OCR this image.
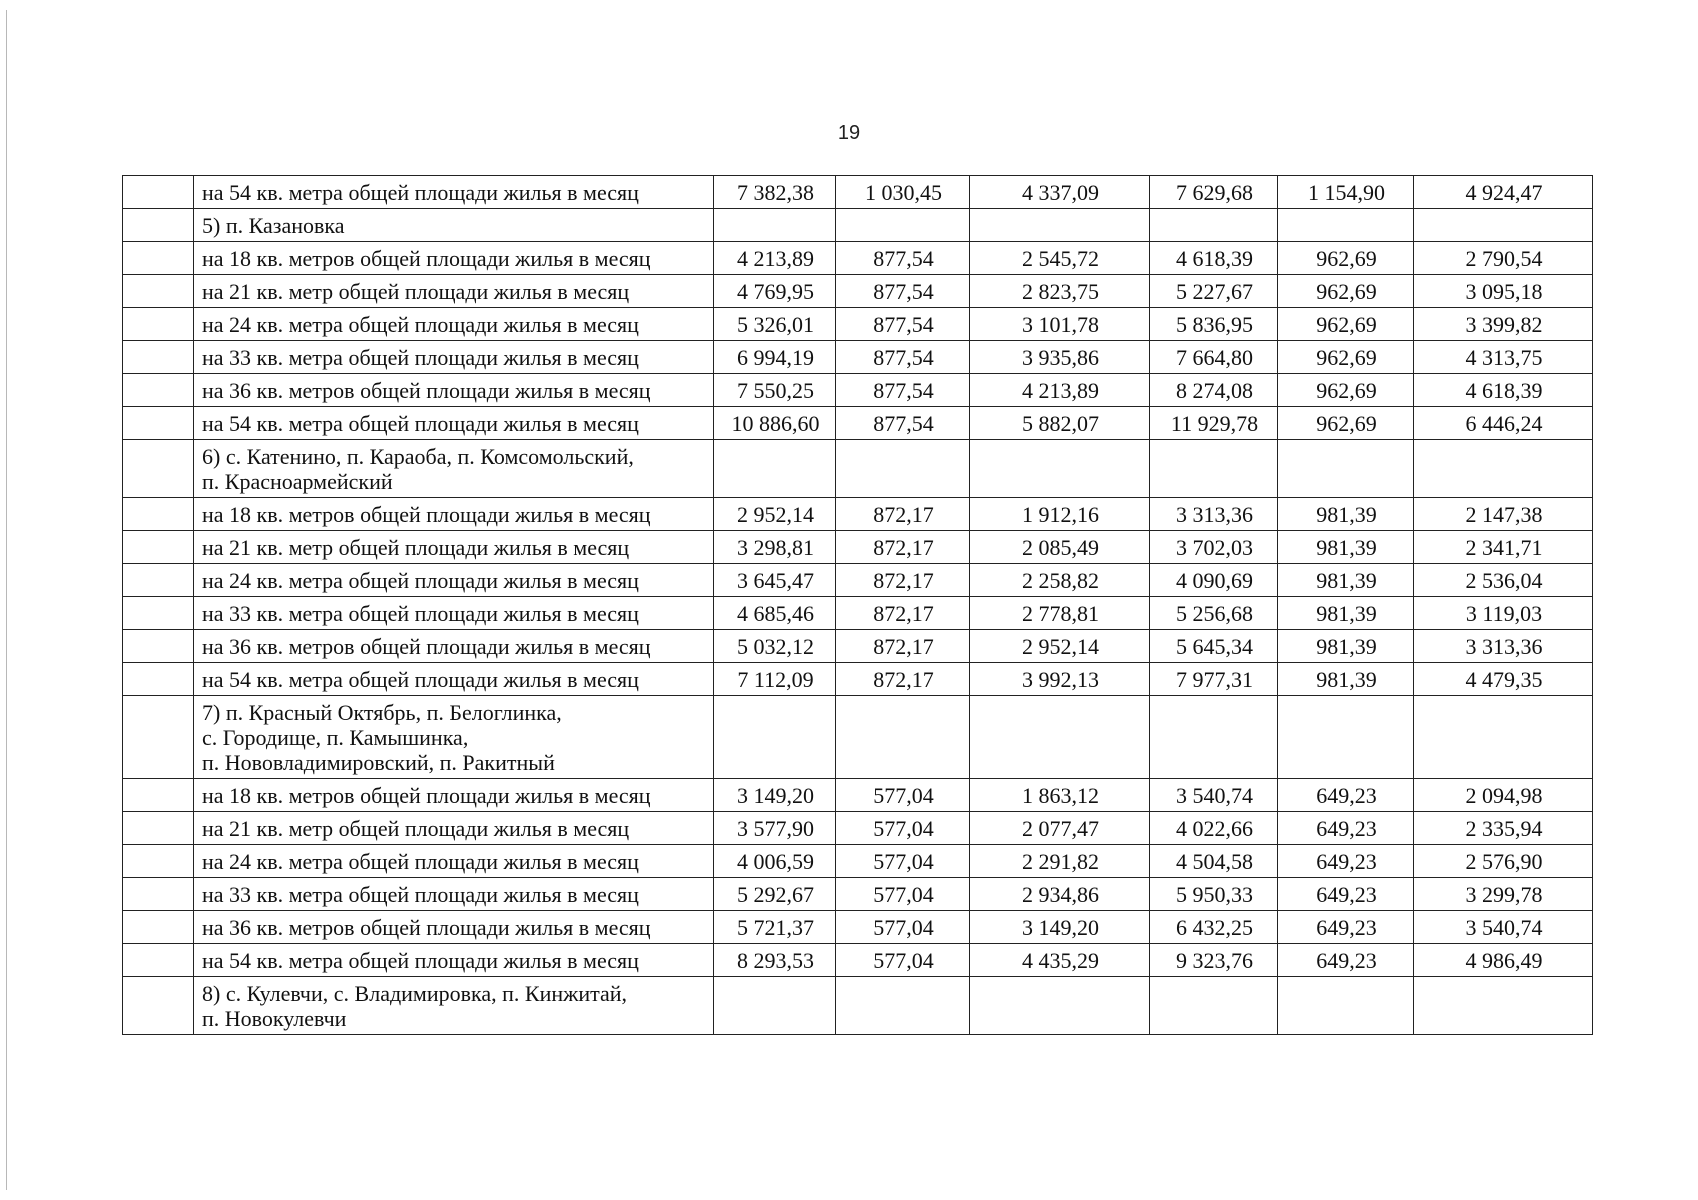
19
	на 54 кв. метра общей площади жилья в месяц	7 382,38	1 030,45	4 337,09	7 629,68	1 154,90	4 924,47
	5) п. Казановка						
	на 18 кв. метров общей площади жилья в месяц	4 213,89	877,54	2 545,72	4 618,39	962,69	2 790,54
	на 21 кв. метр общей площади жилья в месяц	4 769,95	877,54	2 823,75	5 227,67	962,69	3 095,18
	на 24 кв. метра общей площади жилья в месяц	5 326,01	877,54	3 101,78	5 836,95	962,69	3 399,82
	на 33 кв. метра общей площади жилья в месяц	6 994,19	877,54	3 935,86	7 664,80	962,69	4 313,75
	на 36 кв. метров общей площади жилья в месяц	7 550,25	877,54	4 213,89	8 274,08	962,69	4 618,39
	на 54 кв. метра общей площади жилья в месяц	10 886,60	877,54	5 882,07	11 929,78	962,69	6 446,24
	6) с. Катенино, п. Караоба, п. Комсомольский,
п. Красноармейский						
	на 18 кв. метров общей площади жилья в месяц	2 952,14	872,17	1 912,16	3 313,36	981,39	2 147,38
	на 21 кв. метр общей площади жилья в месяц	3 298,81	872,17	2 085,49	3 702,03	981,39	2 341,71
	на 24 кв. метра общей площади жилья в месяц	3 645,47	872,17	2 258,82	4 090,69	981,39	2 536,04
	на 33 кв. метра общей площади жилья в месяц	4 685,46	872,17	2 778,81	5 256,68	981,39	3 119,03
	на 36 кв. метров общей площади жилья в месяц	5 032,12	872,17	2 952,14	5 645,34	981,39	3 313,36
	на 54 кв. метра общей площади жилья в месяц	7 112,09	872,17	3 992,13	7 977,31	981,39	4 479,35
	7) п. Красный Октябрь, п. Белоглинка,
с. Городище, п. Камышинка,
п. Нововладимировский, п. Ракитный						
	на 18 кв. метров общей площади жилья в месяц	3 149,20	577,04	1 863,12	3 540,74	649,23	2 094,98
	на 21 кв. метр общей площади жилья в месяц	3 577,90	577,04	2 077,47	4 022,66	649,23	2 335,94
	на 24 кв. метра общей площади жилья в месяц	4 006,59	577,04	2 291,82	4 504,58	649,23	2 576,90
	на 33 кв. метра общей площади жилья в месяц	5 292,67	577,04	2 934,86	5 950,33	649,23	3 299,78
	на 36 кв. метров общей площади жилья в месяц	5 721,37	577,04	3 149,20	6 432,25	649,23	3 540,74
	на 54 кв. метра общей площади жилья в месяц	8 293,53	577,04	4 435,29	9 323,76	649,23	4 986,49
	8) с. Кулевчи, с. Владимировка, п. Кинжитай,
п. Новокулевчи						
